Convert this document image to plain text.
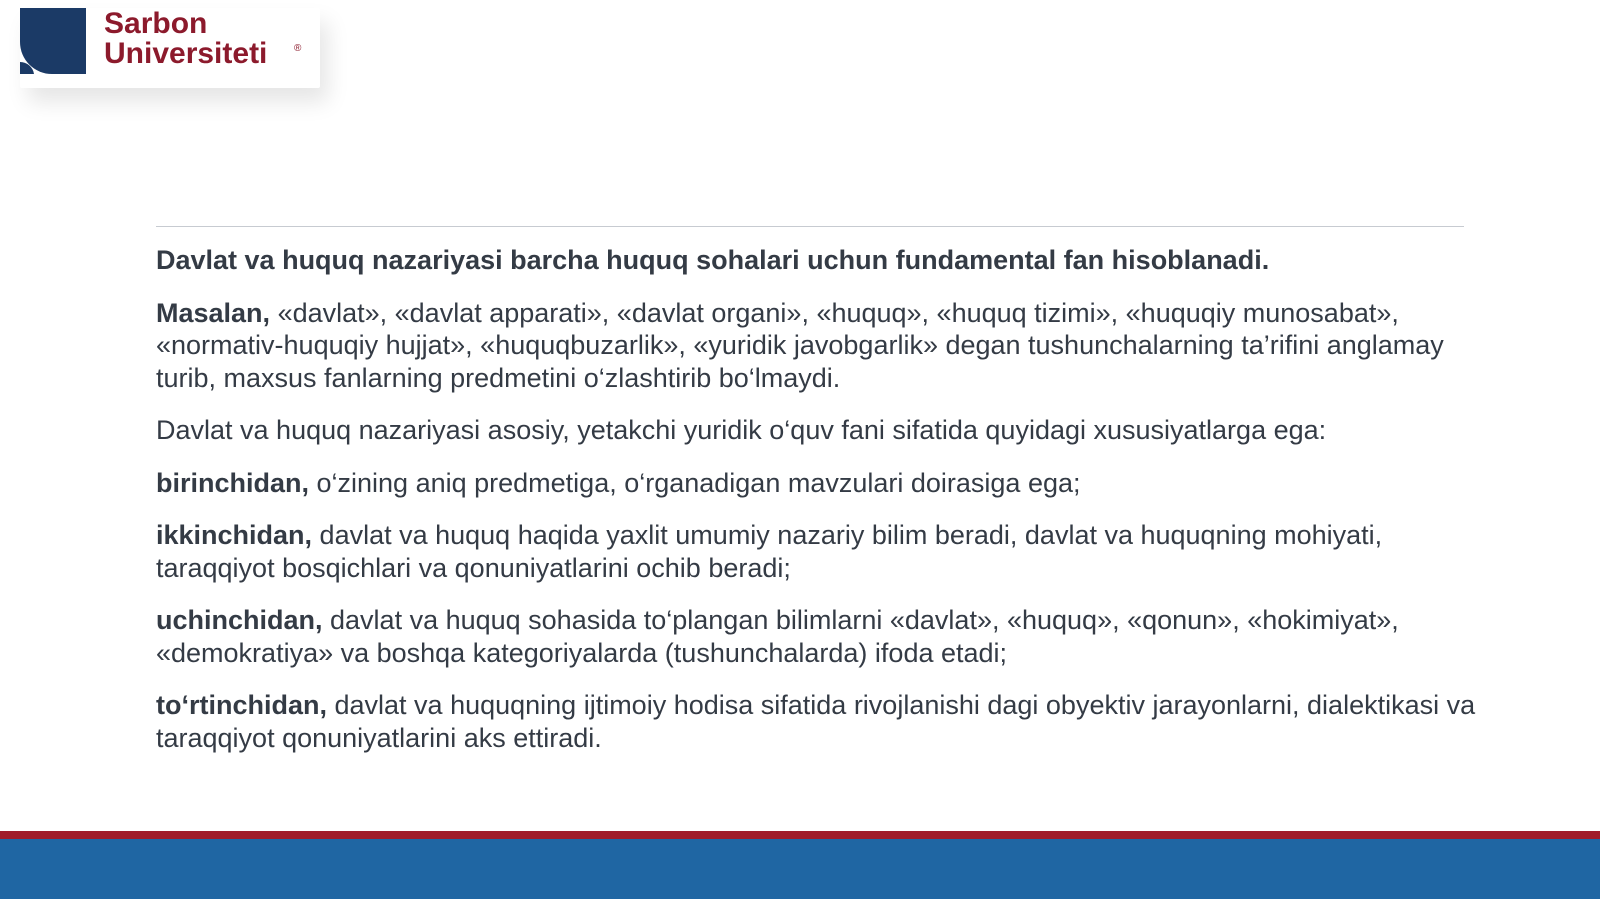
Sarbon
Universiteti	®

Davlat va huquq nazariyasi barcha huquq sohalari uchun fundamental fan hisoblanadi.

Masalan, «davlat», «davlat apparati», «davlat organi», «huquq», «huquq tizimi», «huquqiy munosabat», «normativ-huquqiy hujjat», «huquqbuzarlik», «yuridik javobgarlik» degan tushunchalarning ta’rifini anglamay turib, maxsus fanlarning predmetini o‘zlashtirib bo‘lmaydi.

Davlat va huquq nazariyasi asosiy, yetakchi yuridik o‘quv fani sifatida quyidagi xususiyatlarga ega:

birinchidan, o‘zining aniq predmetiga, o‘rganadigan mavzulari doirasiga ega;

ikkinchidan, davlat va huquq haqida yaxlit umumiy nazariy bilim beradi, davlat va huquqning mohiyati, taraqqiyot bosqichlari va qonuniyatlarini ochib beradi;

uchinchidan, davlat va huquq sohasida to‘plangan bilimlarni «davlat», «huquq», «qonun», «hokimiyat», «demokratiya» va boshqa kategoriyalarda (tushunchalarda) ifoda etadi;

to‘rtinchidan, davlat va huquqning ijtimoiy hodisa sifatida rivojlanishi dagi obyektiv jarayonlarni, dialektikasi va taraqqiyot qonuniyatlarini aks ettiradi.
